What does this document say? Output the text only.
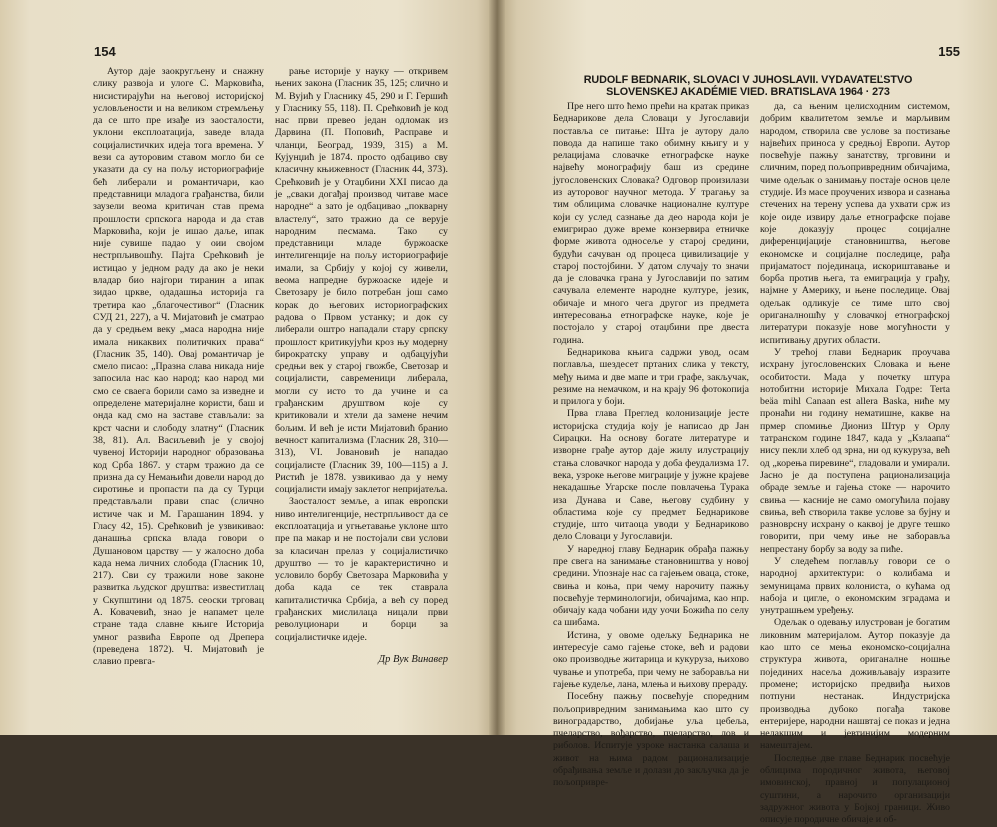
154

Аутор даје заокругљену и снажну слику развоја и улоге С. Марковића, нисистирајући на његовој историјској условљености и на великом стремљењу да се што пре изађе из заосталости, уклони експлоатација, заведе влада социјалистичких идеја тога времена. У вези са ауторовим ставом могло би се указати да су на пољу историографије бећ либерали и романтичари, као представници младога грађанства, били заузели веома критичан став према прошлости српскога народа и да став Марковића, који је ишао даље, ипак није сувише падао у оии својом нестрпљивошћу. Пајта Срећковић је истицао у једном раду да ако је неки владар био најгори тиранин а ипак зидао цркве, одадашња историја га третира као „благочестивог“ (Гласник СУД 21, 227), а Ч. Мијатовић је сматрао да у средњем веку „маса народна није имала никаквих политичких права“ (Гласник 35, 140). Овај романтичар је смело писао: „Празна слава никада није запосила нас као народ; као народ ми смо се сваега борили само за изведне и определене материјалне користи, баш и онда кад смо на заставе стављали: за крст часни и слободу златну“ (Гласник 38, 81). Ал. Васиљевић је у својој чувеној Историји народног образовања код Срба 1867. у старм тражио да се призна да су Немањићи довели народ до сиротиње и пропасти па да су Турци представљали прави спас (слично истиче чак и М. Гарашанин 1894. у Гласу 42, 15). Срећковић је узвикивао: данашња српска влада говори о Душановом царству — у жалосно доба када нема личних слобода (Гласник 10, 217). Сви су тражили нове законе развитка људског друштва: известитлац у Скупштини од 1875. сеоски трговац А. Ковачевић, знао је напамет целе стране тада славне књиге Историја умног развића Европе од Дрепера (преведена 1872). Ч. Мијатовић је славио превга-

рање историје у науку — откривем њених закона (Гласник 35, 125; слично и М. Вујић у Гласнику 45, 290 и Г. Гершић у Гласнику 55, 118). П. Срећковић је код нас први превео један одломак из Дарвина (П. Поповић, Расправе и чланци, Београд, 1939, 315) а М. Кујунџић је 1874. просто одбациво сву класичну књижевност (Гласник 44, 373). Срећковић је у Отаџбини XXI писао да је „сваки догађај производ читаве масе народне“ а зато је одбацивао „покварну властелу“, зато тражио да се верује народним песмама. Тако су представници младе буржоаске интелигенције на пољу историографије имали, за Србију у којој су живели, веома напредне буржоаске идеје и Светозару је било потребан још само корак до његових историографских радова о Првом устанку; и док су либерали оштро нападали стару српску прошлост критикујући кроз њу модерну бирократску управу и одбацујући средњи век у старој гвожбе, Светозар и социјалисти, савременици либерала, могли су исто то да учине и са грађанским друштвом које су критиковали и хтели да замене нечим бољим. И већ је исти Мијатовић бранио вечност капитализма (Гласник 28, 310—313), VI. Јовановић је нападао социјалисте (Гласник 39, 100—115) а Ј. Ристић је 1878. узвикивао да у нему социјалисти имају заклетог непријатеља.

Заосталост земље, а ипак европски ниво интелигенције, нестрпљивост да се експлоатација и угњетавање уклоне што пре па макар и не постојали сви услови за класичан прелаз у социјалистичко друштво — то је карактеристично и условило борбу Светозара Марковића у доба када се тек ставрала капиталистичка Србија, а већ су поред грађанских мислилаца ницали први револуционари и борци за социјалистичке идеје.

Др Вук Винавер
155
RUDOLF BEDNARIK, SLOVACI V JUHOSLAVII. VYDAVATEĽSTVO SLOVENSKEJ AKADÉMIE VIED. BRATISLAVA 1964 · 273

Пре него што ћемо прећи на кратак приказ Беднарикове дела Словаци у Југославији поставља се питање: Шта је аутору дало повода да напише тако обимну књигу и у релацијама словачке етнографске науке највећу монографију баш из средине југословенских Словака? Одговор произилази из ауторовог научног метода. У трагању за тим облицима словачке националне културе који су услед сазнање да део народа који је емигрирао дуже време конзервира етничке форме живота односеље у старој средини, будући сачуван од процеса цивилизације у старој постојбини. У датом случају то значи да је словачка грана у Југославији по затим сачувала елементе народне културе, језик, обичаје и много чега другог из предмета интересовања етнографске науке, које је постојало у старој отаџбини пре двеста година.

Беднарикова књига садржи увод, осам поглавља, шездесет пртаних слика у тексту, међу њима и две мапе и три графе, закључак, резиме на немачком, и на крају 96 фотокопија и прилога у боји.

Прва глава Преглед колонизације јесте историјска студија коју је написао др Јан Сирацки. На основу богате литературе и изворне грађе аутор даје жилу илустрацију стања словачког народа у доба феудализма 17. века, узроке његове миграције у јужне крајеве некадашње Угарске после повлачења Турака иза Дунава и Саве, његову судбину у областима које су предмет Беднарикове студије, што читаоца уводи у Беднариково дело Словаци у Југославији.

У наредној главу Беднарик обрађа пажњу пре свега на занимање становништва у новој средини. Упознаје нас са гајењем оваца, стоке, свиња и коња, при чему нарочиту пажњу посвећује терминологији, обичајима, као нпр. обичају када чобани иду уочи Божића по селу са шибама.

Истина, у овоме одељку Беднарика не интересује само гајење стоке, већ и радови око производње житарица и кукуруза, њихово чување и употреба, при чему не заборавља ни гајење кудеље, лана, млења и њихову прераду.

Посебну пажњу посвећује споредним пољопривредним занимањима као што су виноградарство, добијање уља цебеља, пчеларство, вођарство, пчеларство, лов и риболов. Испитује узроке настанка салаша и живот на њима радом рационализације обрађивања земље и долази до закључка да је пољопривре-

да, са њеним целисходним системом, добрим квалитетом земље и марљивим народом, створила све услове за постизање највећих приноса у средњој Европи. Аутор посвећује пажњу занатству, трговини и сличним, поред пољопривредним обичајима, чиме одељак о занимању постаје основ целе студије. Из масе проучених извора и сазнања стечених на терену успева да ухвати срж из које оиде извиру даље етнографске појаве које доказују процес социјалне диференцијације становништва, његове економске и социјалне последице, рађа пријаматост појединаца, искориштавање и борба против њега, та емиграција у грађу, најмне у Америку, и њене последице. Овај одељак одликује се тиме што свој ориганалношћу у словачкој етнографској литератури показује нове могућности у испитивању других области.

У трећој глави Беднарик проучава исхрану југословенских Словака и њене особитости. Мада у почетку штура нотобитни историје Михала Годре: Terta beäa mihl Canaan est allera Baska, ниће му пронаћи ни годину нематишне, какве на прмер спомиње Диониз Штур у Орлу татранском године 1847, када у „Кзлаапа“ нису пекли хлеб од зрна, ни од кукуруза, већ од „корења пиревине“, гладовали и умирали. Јасно је да поступена рационализација обраде земље и гајења стоке — нарочито свиња — касније не само омогућила појаву свиња, већ створила такве услове за бујну и разноврсну исхрану о каквој је друге тешко говорити, при чему иње не заборавља непрестану борбу за воду за пиће.

У следећем поглављу говори се о народној архитектури: о колибама и земуницама првих колониста, о кућама од набоја и цигле, о економским зградама и унутрашњем уређењу.

Одељак о одевању илустрован је богатим ликовним материјалом. Аутор показује да као што се мења економско-социјална структура живота, ориганалне ношње појединих насеља доживљавају изразите промене; историјско предвиђа њихов потпуни нестанак. Индустријска производња дубоко погађа такове ентеријере, народни нашвтај се показ и једна нелакшим и јевтинијим модерним намештајем.

Последње две главе Беднарик посвећује облицима породичног живота, његовој имовинској, правној и популационој суштини, а нарочито организацији задружног живота у Бојкој граници. Живо описује породичне обичаје и об-
